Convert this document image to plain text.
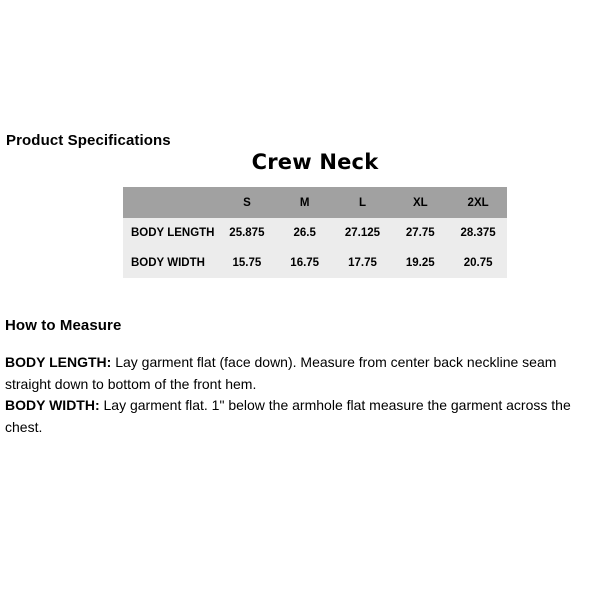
Product Specifications
Crew Neck
	S	M	L	XL	2XL
BODY LENGTH	25.875	26.5	27.125	27.75	28.375
BODY WIDTH	15.75	16.75	17.75	19.25	20.75
How to Measure

BODY LENGTH: Lay garment flat (face down). Measure from center back neckline seam straight down to bottom of the front hem.

BODY WIDTH: Lay garment flat. 1" below the armhole flat measure the garment across the chest.
